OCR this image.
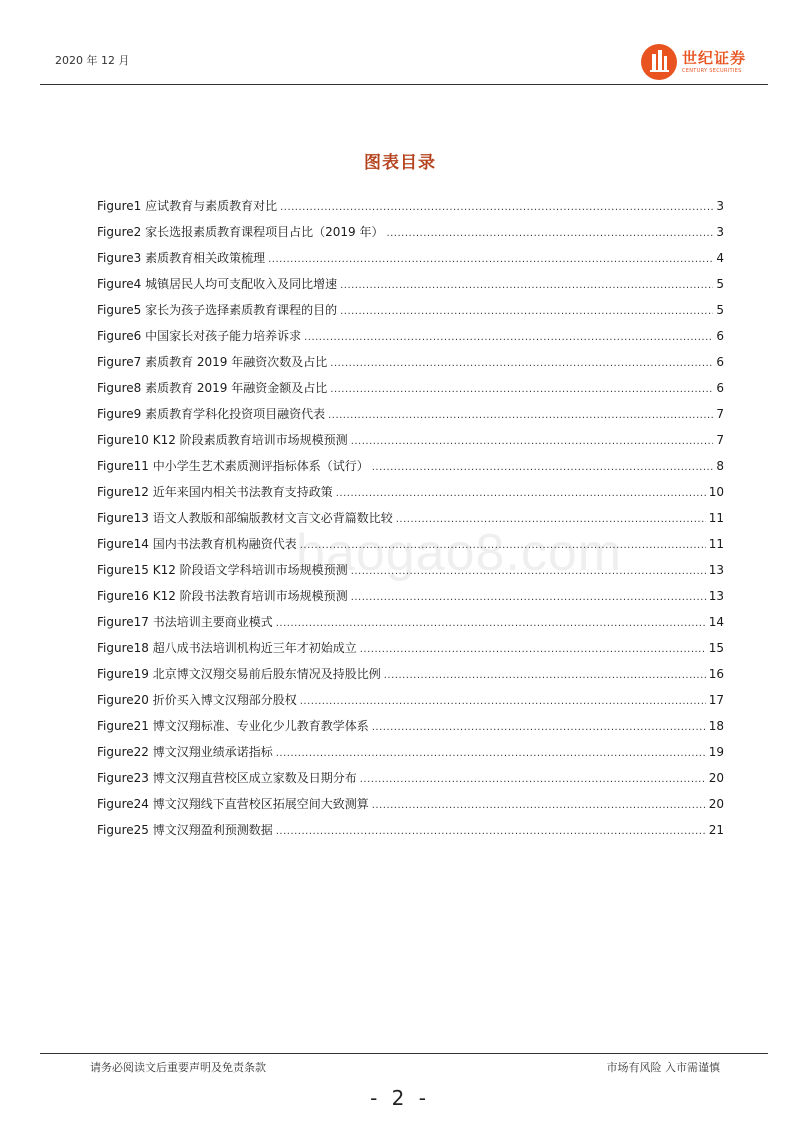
2020 年 12 月	世纪证券
CENTURY SECURITIES
图表目录
Figure1 应试教育与素质教育对比 .....	3
Figure2 家长选报素质教育课程项目占比（2019 年） .....	3
Figure3 素质教育相关政策梳理 .....	4
Figure4 城镇居民人均可支配收入及同比增速 .....	5
Figure5 家长为孩子选择素质教育课程的目的 .....	5
Figure6 中国家长对孩子能力培养诉求 .....	6
Figure7 素质教育 2019 年融资次数及占比 .....	6
Figure8 素质教育 2019 年融资金额及占比 .....	6
Figure9 素质教育学科化投资项目融资代表 .....	7
Figure10 K12 阶段素质教育培训市场规模预测 .....	7
Figure11 中小学生艺术素质测评指标体系（试行） .....	8
Figure12 近年来国内相关书法教育支持政策 .....	10
Figure13 语文人教版和部编版教材文言文必背篇数比较 .....	11
Figure14 国内书法教育机构融资代表 .....	11
Figure15 K12 阶段语文学科培训市场规模预测 .....	13
Figure16 K12 阶段书法教育培训市场规模预测 .....	13
Figure17 书法培训主要商业模式 .....	14
Figure18 超八成书法培训机构近三年才初始成立 .....	15
Figure19 北京博文汉翔交易前后股东情况及持股比例 .....	16
Figure20 折价买入博文汉翔部分股权 .....	17
Figure21 博文汉翔标准、专业化少儿教育教学体系 .....	18
Figure22 博文汉翔业绩承诺指标 .....	19
Figure23 博文汉翔直营校区成立家数及日期分布 .....	20
Figure24 博文汉翔线下直营校区拓展空间大致测算 .....	20
Figure25 博文汉翔盈利预测数据 .....	21
baogao8.com
请务必阅读文后重要声明及免责条款	市场有风险 入市需谨慎
- 2 -
